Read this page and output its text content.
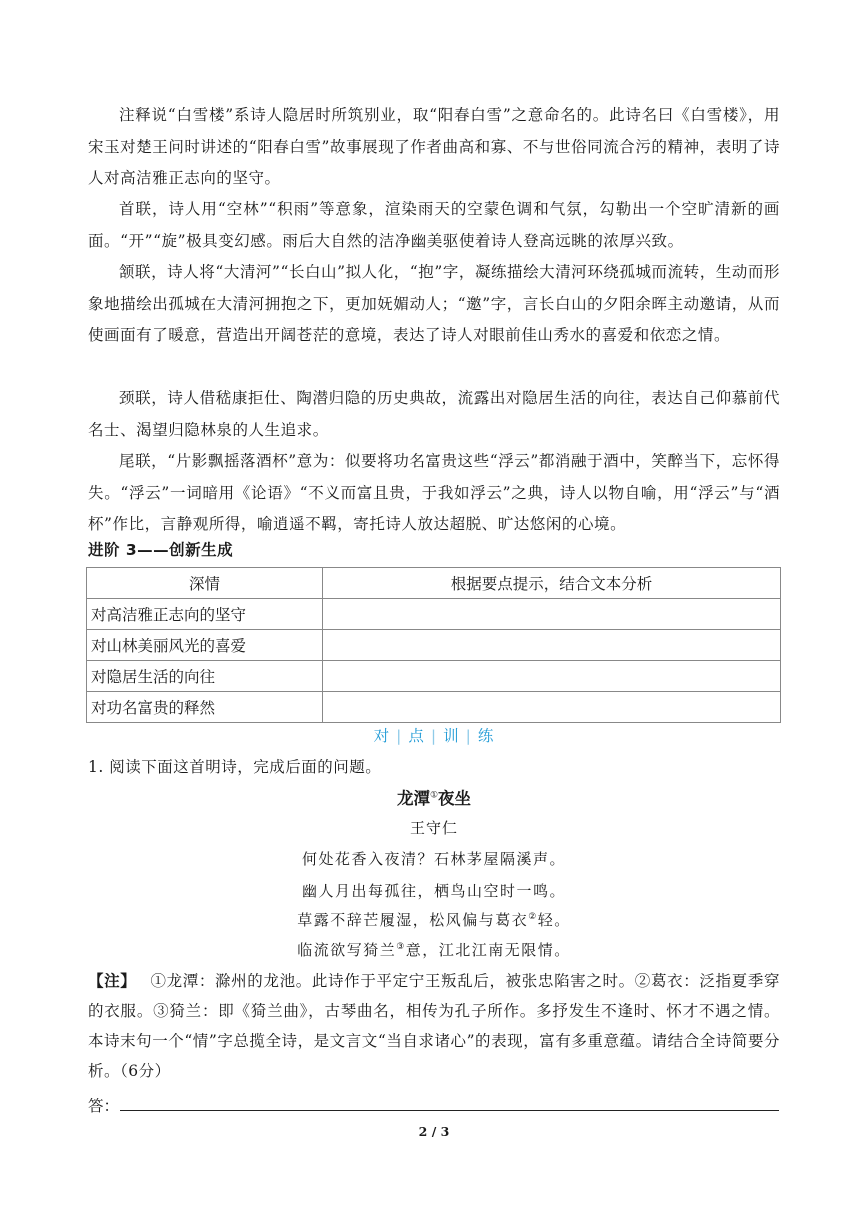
注释说“白雪楼”系诗人隐居时所筑别业，取“阳春白雪”之意命名的。此诗名曰《白雪楼》，用宋玉对楚王问时讲述的“阳春白雪”故事展现了作者曲高和寡、不与世俗同流合污的精神，表明了诗人对高洁雅正志向的坚守。

首联，诗人用“空林”“积雨”等意象，渲染雨天的空蒙色调和气氛，勾勒出一个空旷清新的画面。“开”“旋”极具变幻感。雨后大自然的洁净幽美驱使着诗人登高远眺的浓厚兴致。

颔联，诗人将“大清河”“长白山”拟人化，“抱”字，凝练描绘大清河环绕孤城而流转，生动而形象地描绘出孤城在大清河拥抱之下，更加妩媚动人；“邀”字，言长白山的夕阳余晖主动邀请，从而使画面有了暖意，营造出开阔苍茫的意境，表达了诗人对眼前佳山秀水的喜爱和依恋之情。

颈联，诗人借嵇康拒仕、陶潜归隐的历史典故，流露出对隐居生活的向往，表达自己仰慕前代名士、渴望归隐林泉的人生追求。

尾联，“片影飘摇落酒杯”意为：似要将功名富贵这些“浮云”都消融于酒中，笑醉当下，忘怀得失。“浮云”一词暗用《论语》“不义而富且贵，于我如浮云”之典，诗人以物自喻，用“浮云”与“酒杯”作比，言静观所得，喻逍遥不羁，寄托诗人放达超脱、旷达悠闲的心境。

进阶 3——创新生成
深情	根据要点提示，结合文本分析
对高洁雅正志向的坚守	
对山林美丽风光的喜爱	
对隐居生活的向往	
对功名富贵的释然	
对 | 点 | 训 | 练
1. 阅读下面这首明诗，完成后面的问题。
龙潭①夜坐
王守仁
何处花香入夜清？石林茅屋隔溪声。
幽人月出每孤往，栖鸟山空时一鸣。
草露不辞芒履湿，松风偏与葛衣②轻。
临流欲写猗兰③意，江北江南无限情。

【注】 ①龙潭：滁州的龙池。此诗作于平定宁王叛乱后，被张忠陷害之时。②葛衣：泛指夏季穿的衣服。③猗兰：即《猗兰曲》，古琴曲名，相传为孔子所作。多抒发生不逢时、怀才不遇之情。本诗末句一个“情”字总揽全诗，是文言文“当自求诸心”的表现，富有多重意蕴。请结合全诗简要分析。（6分）

答：
2 / 3
